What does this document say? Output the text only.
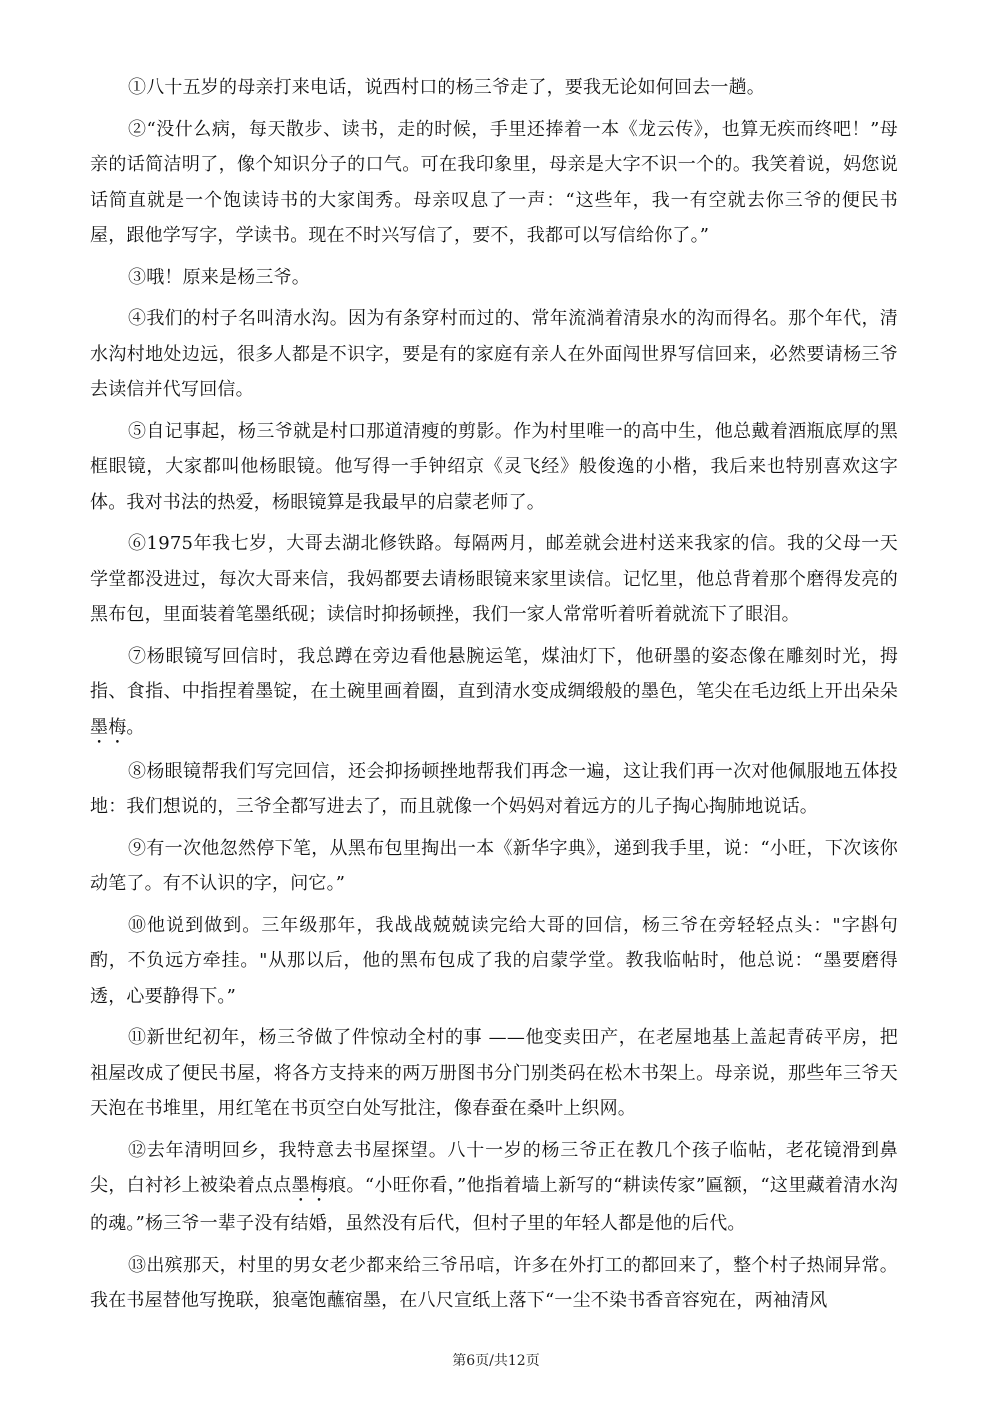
①八十五岁的母亲打来电话，说西村口的杨三爷走了，要我无论如何回去一趟。

②“没什么病，每天散步、读书，走的时候，手里还捧着一本《龙云传》，也算无疾而终吧！”母亲的话简洁明了，像个知识分子的口气。可在我印象里，母亲是大字不识一个的。我笑着说，妈您说话简直就是一个饱读诗书的大家闺秀。母亲叹息了一声：“这些年，我一有空就去你三爷的便民书屋，跟他学写字，学读书。现在不时兴写信了，要不，我都可以写信给你了。”

③哦！原来是杨三爷。

④我们的村子名叫清水沟。因为有条穿村而过的、常年流淌着清泉水的沟而得名。那个年代，清水沟村地处边远，很多人都是不识字，要是有的家庭有亲人在外面闯世界写信回来，必然要请杨三爷去读信并代写回信。

⑤自记事起，杨三爷就是村口那道清瘦的剪影。作为村里唯一的高中生，他总戴着酒瓶底厚的黑框眼镜，大家都叫他杨眼镜。他写得一手钟绍京《灵飞经》般俊逸的小楷，我后来也特别喜欢这字体。我对书法的热爱，杨眼镜算是我最早的启蒙老师了。

⑥1975年我七岁，大哥去湖北修铁路。每隔两月，邮差就会进村送来我家的信。我的父母一天学堂都没进过，每次大哥来信，我妈都要去请杨眼镜来家里读信。记忆里，他总背着那个磨得发亮的黑布包，里面装着笔墨纸砚；读信时抑扬顿挫，我们一家人常常听着听着就流下了眼泪。

⑦杨眼镜写回信时，我总蹲在旁边看他悬腕运笔，煤油灯下，他研墨的姿态像在雕刻时光，拇指、食指、中指捏着墨锭，在土碗里画着圈，直到清水变成绸缎般的墨色，笔尖在毛边纸上开出朵朵墨梅。

⑧杨眼镜帮我们写完回信，还会抑扬顿挫地帮我们再念一遍，这让我们再一次对他佩服地五体投地：我们想说的，三爷全都写进去了，而且就像一个妈妈对着远方的儿子掏心掏肺地说话。

⑨有一次他忽然停下笔，从黑布包里掏出一本《新华字典》，递到我手里，说：“小旺，下次该你动笔了。有不认识的字，问它。”

⑩他说到做到。三年级那年，我战战兢兢读完给大哥的回信，杨三爷在旁轻轻点头："字斟句酌，不负远方牵挂。"从那以后，他的黑布包成了我的启蒙学堂。教我临帖时，他总说：“墨要磨得透，心要静得下。”

⑪新世纪初年，杨三爷做了件惊动全村的事 ——他变卖田产，在老屋地基上盖起青砖平房，把祖屋改成了便民书屋，将各方支持来的两万册图书分门别类码在松木书架上。母亲说，那些年三爷天天泡在书堆里，用红笔在书页空白处写批注，像春蚕在桑叶上织网。

⑫去年清明回乡，我特意去书屋探望。八十一岁的杨三爷正在教几个孩子临帖，老花镜滑到鼻尖，白衬衫上被染着点点墨梅痕。“小旺你看，”他指着墙上新写的“耕读传家”匾额，“这里藏着清水沟的魂。”杨三爷一辈子没有结婚，虽然没有后代，但村子里的年轻人都是他的后代。

⑬出殡那天，村里的男女老少都来给三爷吊唁，许多在外打工的都回来了，整个村子热闹异常。我在书屋替他写挽联，狼毫饱蘸宿墨，在八尺宣纸上落下“一尘不染书香音容宛在，两袖清风

第6页/共12页
